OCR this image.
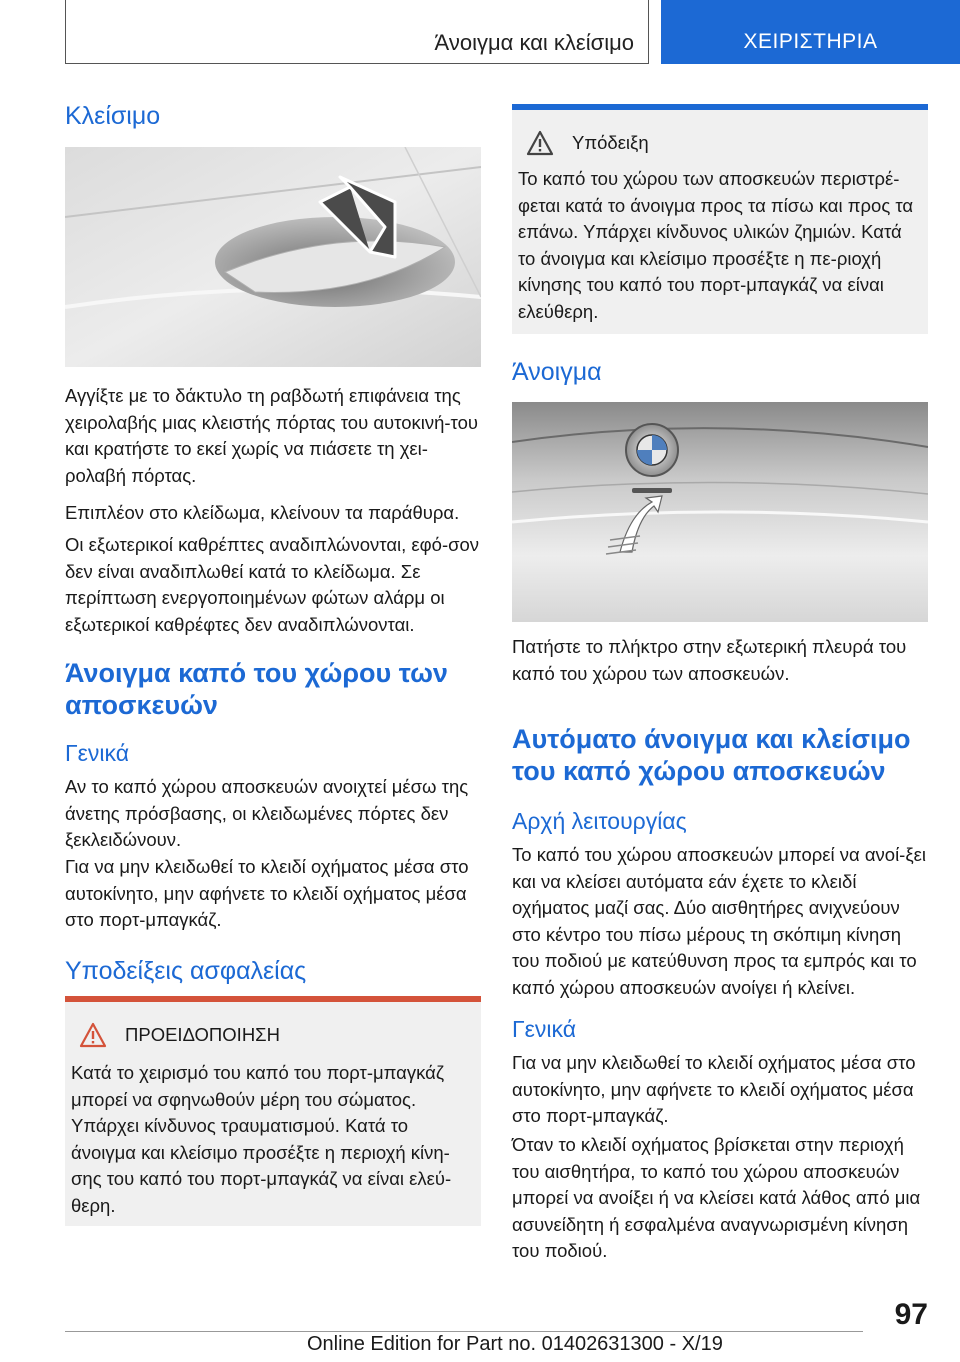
Άνοιγμα και κλείσιμο	ΧΕΙΡΙΣΤΗΡΙΑ
Κλείσιμο
Αγγίξτε με το δάκτυλο τη ραβδωτή επιφάνεια της χειρολαβής μιας κλειστής πόρτας του αυτοκινή-του και κρατήστε το εκεί χωρίς να πιάσετε τη χει-ρολαβή πόρτας.
Επιπλέον στο κλείδωμα, κλείνουν τα παράθυρα.
Οι εξωτερικοί καθρέπτες αναδιπλώνονται, εφό-σον δεν είναι αναδιπλωθεί κατά το κλείδωμα. Σε περίπτωση ενεργοποιημένων φώτων αλάρμ οι εξωτερικοί καθρέφτες δεν αναδιπλώνονται.
Άνοιγμα καπό του χώρου των
αποσκευών
Γενικά
Αν το καπό χώρου αποσκευών ανοιχτεί μέσω της άνετης πρόσβασης, οι κλειδωμένες πόρτες δεν ξεκλειδώνουν.
Για να μην κλειδωθεί το κλειδί οχήματος μέσα στο αυτοκίνητο, μην αφήνετε το κλειδί οχήματος μέσα στο πορτ-μπαγκάζ.
Υποδείξεις ασφαλείας
ΠΡΟΕΙΔΟΠΟΙΗΣΗ
Κατά το χειρισμό του καπό του πορτ-μπαγκάζ μπορεί να σφηνωθούν μέρη του σώματος. Υπάρχει κίνδυνος τραυματισμού. Κατά το άνοιγμα και κλείσιμο προσέξτε η περιοχή κίνη-σης του καπό του πορτ-μπαγκάζ να είναι ελεύ-θερη.
Υπόδειξη
Το καπό του χώρου των αποσκευών περιστρέ-φεται κατά το άνοιγμα προς τα πίσω και προς τα επάνω. Υπάρχει κίνδυνος υλικών ζημιών. Κατά το άνοιγμα και κλείσιμο προσέξτε η πε-ριοχή κίνησης του καπό του πορτ-μπαγκάζ να είναι ελεύθερη.
Άνοιγμα
Πατήστε το πλήκτρο στην εξωτερική πλευρά του καπό του χώρου των αποσκευών.
Αυτόματο άνοιγμα και κλείσιμο
του καπό χώρου αποσκευών
Αρχή λειτουργίας
Το καπό του χώρου αποσκευών μπορεί να ανοί-ξει και να κλείσει αυτόματα εάν έχετε το κλειδί οχήματος μαζί σας. Δύο αισθητήρες ανιχνεύουν στο κέντρο του πίσω μέρους τη σκόπιμη κίνηση του ποδιού με κατεύθυνση προς τα εμπρός και το καπό χώρου αποσκευών ανοίγει ή κλείνει.
Γενικά
Για να μην κλειδωθεί το κλειδί οχήματος μέσα στο αυτοκίνητο, μην αφήνετε το κλειδί οχήματος μέσα στο πορτ-μπαγκάζ.
Όταν το κλειδί οχήματος βρίσκεται στην περιοχή του αισθητήρα, το καπό του χώρου αποσκευών μπορεί να ανοίξει ή να κλείσει κατά λάθος από μια ασυνείδητη ή εσφαλμένα αναγνωρισμένη κίνηση του ποδιού.
97
Online Edition for Part no. 01402631300 - X/19
